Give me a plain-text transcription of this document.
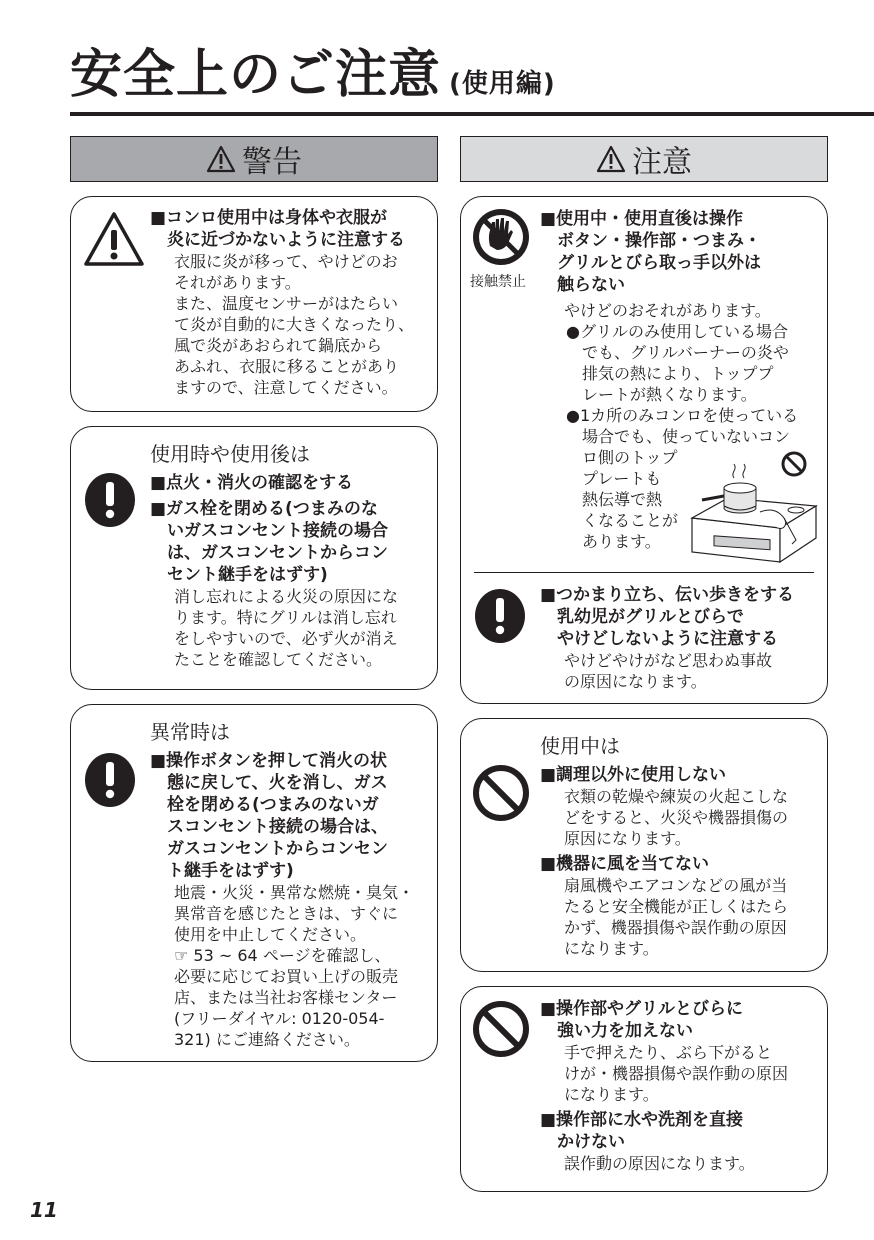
安全上のご注意 (使用編)
警告	注意
■コンロ使用中は身体や衣服が
炎に近づかないように注意する
衣服に炎が移って、やけどのお
それがあります。
また、温度センサーがはたらい
て炎が自動的に大きくなったり、
風で炎があおられて鍋底から
あふれ、衣服に移ることがあり
ますので、注意してください。
使用時や使用後は
■点火・消火の確認をする
■ガス栓を閉める(つまみのな
いガスコンセント接続の場合
は、ガスコンセントからコン
セント継手をはずす)
消し忘れによる火災の原因にな
ります。特にグリルは消し忘れ
をしやすいので、必ず火が消え
たことを確認してください。
異常時は
■操作ボタンを押して消火の状
態に戻して、火を消し、ガス
栓を閉める(つまみのないガ
スコンセント接続の場合は、
ガスコンセントからコンセン
ト継手をはずす)
地震・火災・異常な燃焼・臭気・
異常音を感じたときは、すぐに
使用を中止してください。
☞ 53 ~ 64 ページを確認し、
必要に応じてお買い上げの販売
店、または当社お客様センター
(フリーダイヤル: 0120-054-
321) にご連絡ください。
接触禁止
■使用中・使用直後は操作
ボタン・操作部・つまみ・
グリルとびら取っ手以外は
触らない
やけどのおそれがあります。
●グリルのみ使用している場合
でも、グリルバーナーの炎や
排気の熱により、トッププ
レートが熱くなります。
●1カ所のみコンロを使っている
場合でも、使っていないコン
ロ側のトップ
プレートも
熱伝導で熱
くなることが
あります。
■つかまり立ち、伝い歩きをする
乳幼児がグリルとびらで
やけどしないように注意する
やけどやけがなど思わぬ事故
の原因になります。
使用中は
■調理以外に使用しない
衣類の乾燥や練炭の火起こしな
どをすると、火災や機器損傷の
原因になります。
■機器に風を当てない
扇風機やエアコンなどの風が当
たると安全機能が正しくはたら
かず、機器損傷や誤作動の原因
になります。
■操作部やグリルとびらに
強い力を加えない
手で押えたり、ぶら下がると
けが・機器損傷や誤作動の原因
になります。
■操作部に水や洗剤を直接
かけない
誤作動の原因になります。
11
